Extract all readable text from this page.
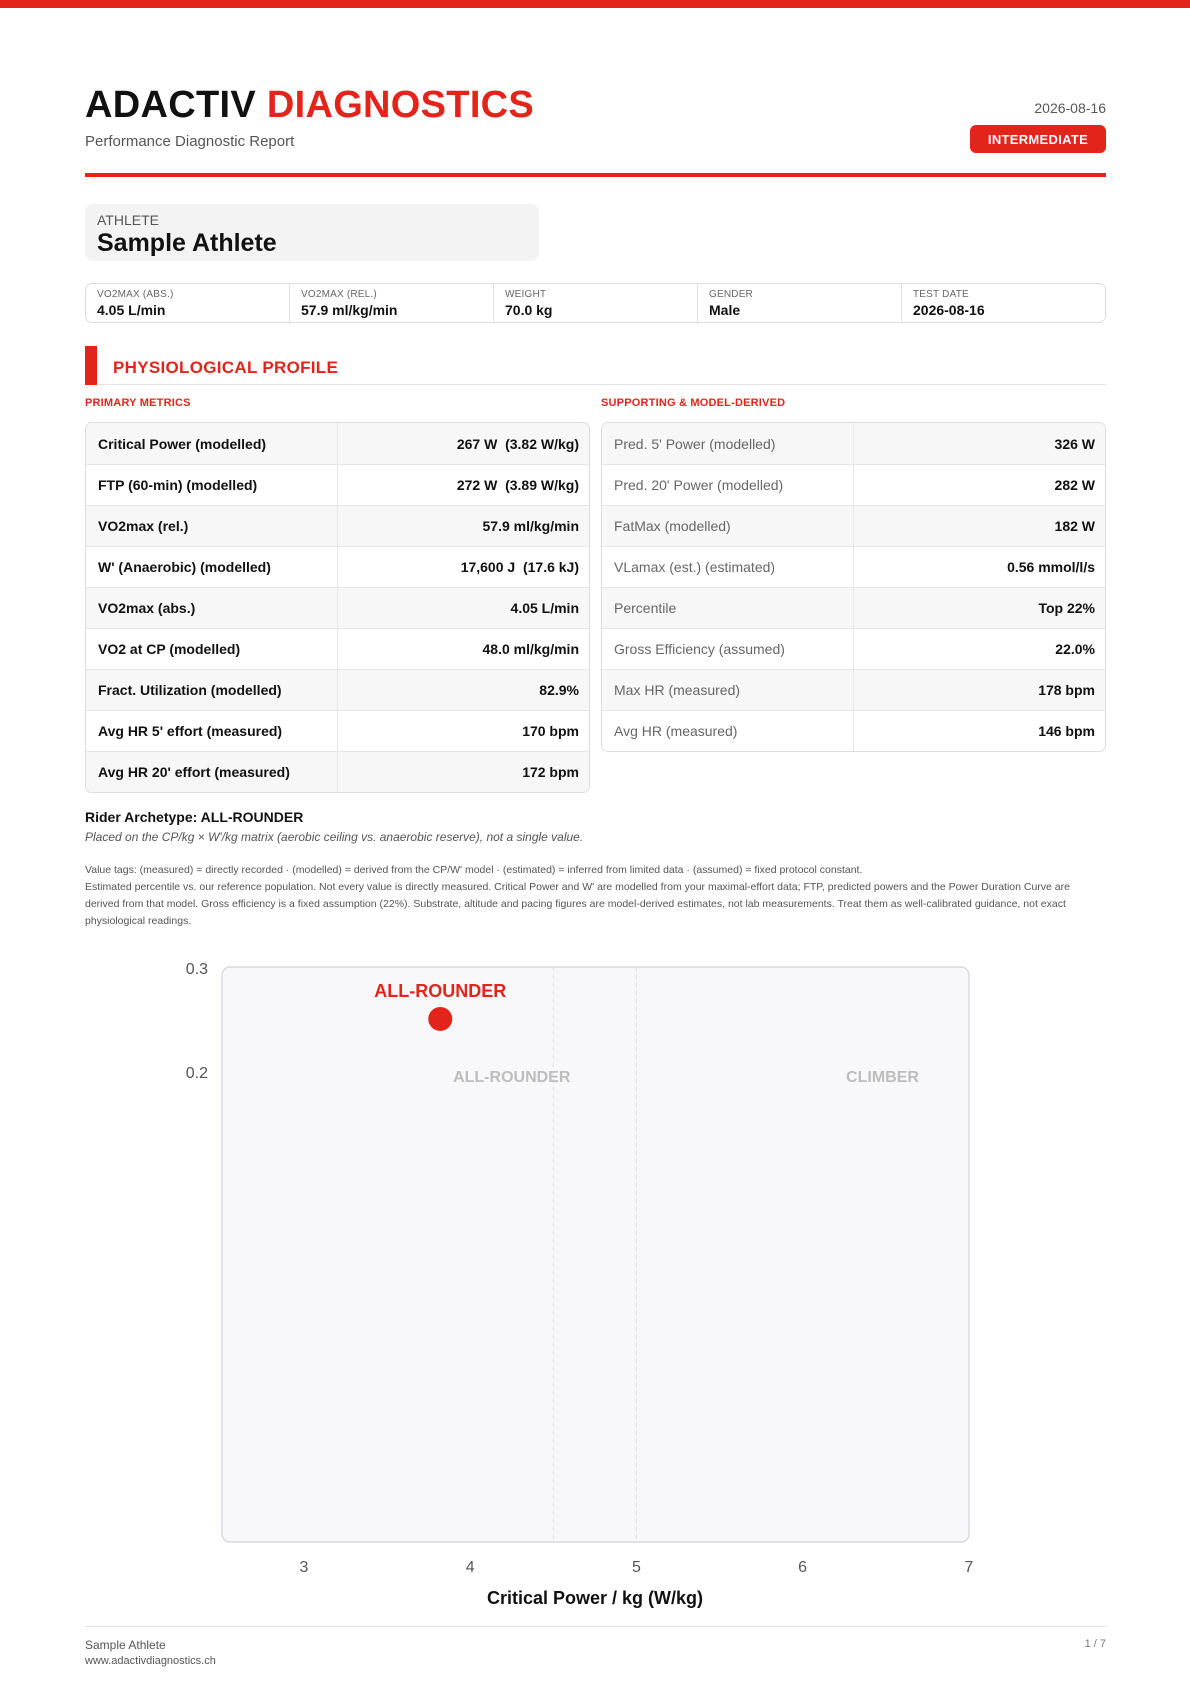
ADACTIV DIAGNOSTICS
Performance Diagnostic Report
2026-08-16
INTERMEDIATE
ATHLETE
Sample Athlete
VO2MAX (ABS.)
4.05 L/min
VO2MAX (REL.)
57.9 ml/kg/min
WEIGHT
70.0 kg
GENDER
Male
TEST DATE
2026-08-16
PHYSIOLOGICAL PROFILE
PRIMARY METRICS	SUPPORTING & MODEL-DERIVED
Critical Power (modelled)	267 W  (3.82 W/kg)
FTP (60-min) (modelled)	272 W  (3.89 W/kg)
VO2max (rel.)	57.9 ml/kg/min
W' (Anaerobic) (modelled)	17,600 J  (17.6 kJ)
VO2max (abs.)	4.05 L/min
VO2 at CP (modelled)	48.0 ml/kg/min
Fract. Utilization (modelled)	82.9%
Avg HR 5' effort (measured)	170 bpm
Avg HR 20' effort (measured)	172 bpm
Pred. 5' Power (modelled)	326 W
Pred. 20' Power (modelled)	282 W
FatMax (modelled)	182 W
VLamax (est.) (estimated)	0.56 mmol/l/s
Percentile	Top 22%
Gross Efficiency (assumed)	22.0%
Max HR (measured)	178 bpm
Avg HR (measured)	146 bpm
Rider Archetype: ALL-ROUNDER
Placed on the CP/kg × W'/kg matrix (aerobic ceiling vs. anaerobic reserve), not a single value.
Value tags: (measured) = directly recorded · (modelled) = derived from the CP/W' model · (estimated) = inferred from limited data · (assumed) = fixed protocol constant.
Estimated percentile vs. our reference population. Not every value is directly measured. Critical Power and W' are modelled from your maximal-effort data; FTP, predicted powers and the Power Duration Curve are derived from that model. Gross efficiency is a fixed assumption (22%). Substrate, altitude and pacing figures are model-derived estimates, not lab measurements. Treat them as well-calibrated guidance, not exact physiological readings.
ALL-ROUNDER	CLIMBER
3	4	5	6	7
0.2
0.3
ALL-ROUNDER
Critical Power / kg (W/kg)
Sample Athlete
www.adactivdiagnostics.ch
1 / 7
